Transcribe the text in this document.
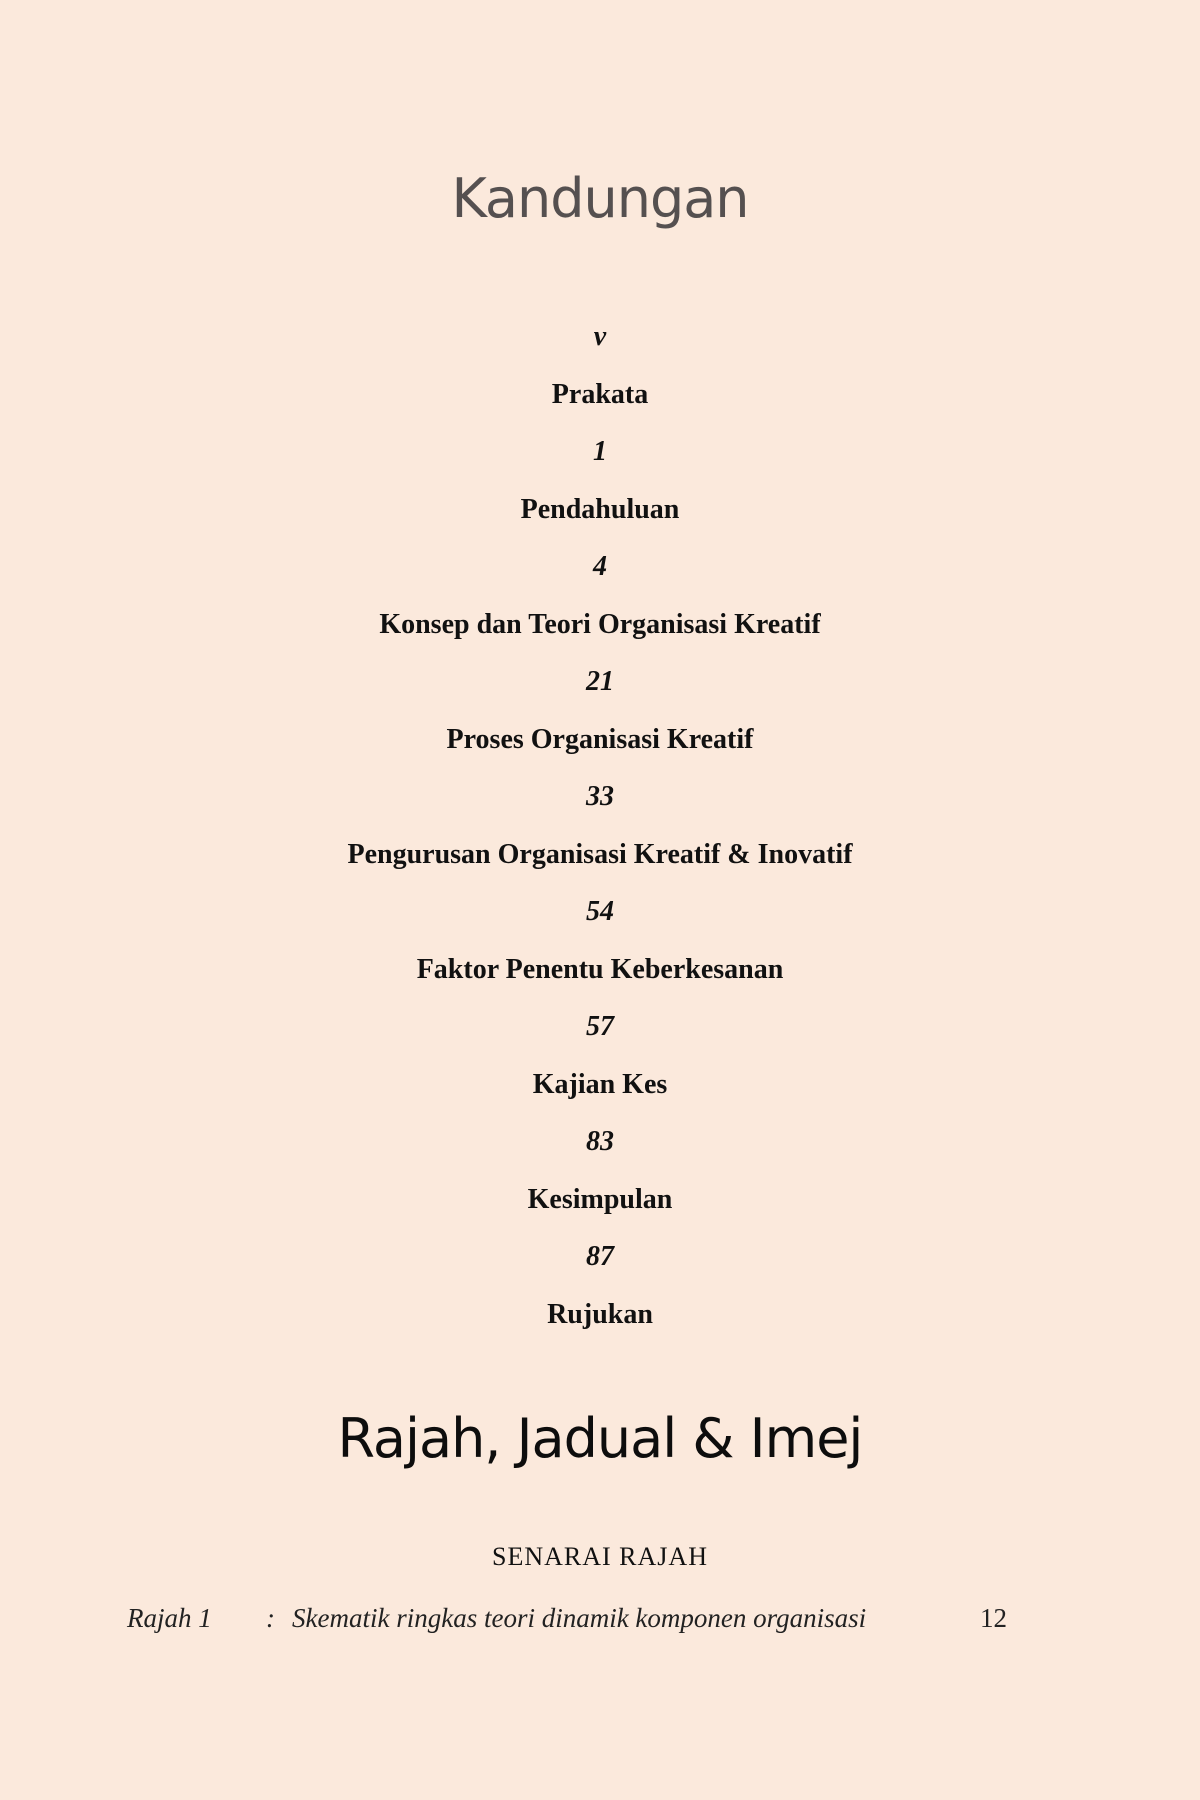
Kandungan
v
Prakata
1
Pendahuluan
4
Konsep dan Teori Organisasi Kreatif
21
Proses Organisasi Kreatif
33
Pengurusan Organisasi Kreatif & Inovatif
54
Faktor Penentu Keberkesanan
57
Kajian Kes
83
Kesimpulan
87
Rujukan
Rajah, Jadual & Imej
SENARAI RAJAH
Rajah 1 : Skematik ringkas teori dinamik komponen organisasi	12
